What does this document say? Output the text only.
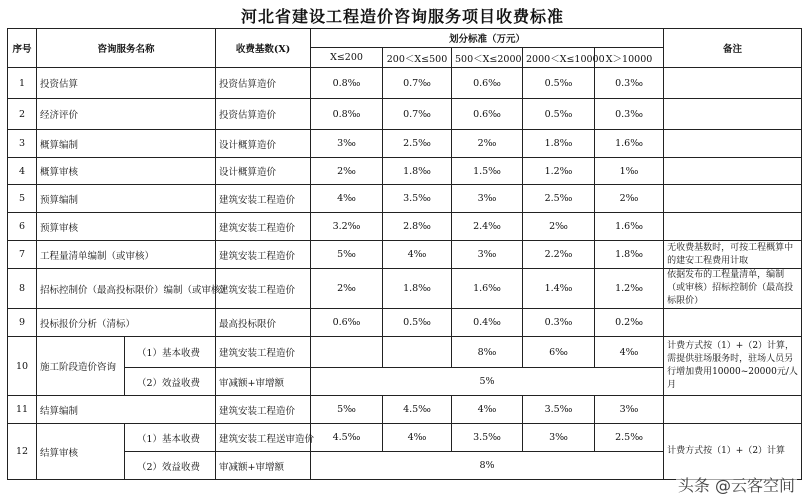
河北省建设工程造价咨询服务项目收费标准
序号	咨询服务名称		收费基数(X)	划分标准（万元）					备注
				X≤200	200＜X≤500	500＜X≤2000	2000＜X≤10000	X＞10000	
1	投资估算		投资估算造价	0.8‰	0.7‰	0.6‰	0.5‰	0.3‰	
2	经济评价		投资估算造价	0.8‰	0.7‰	0.6‰	0.5‰	0.3‰	
3	概算编制		设计概算造价	3‰	2.5‰	2‰	1.8‰	1.6‰	
4	概算审核		设计概算造价	2‰	1.8‰	1.5‰	1.2‰	1‰	
5	预算编制		建筑安装工程造价	4‰	3.5‰	3‰	2.5‰	2‰	
6	预算审核		建筑安装工程造价	3.2‰	2.8‰	2.4‰	2‰	1.6‰	
7	工程量清单编制（或审核）		建筑安装工程造价	5‰	4‰	3‰	2.2‰	1.8‰	无收费基数时，可按工程概算中的建安工程费用计取
8	招标控制价（最高投标限价）编制（或审核）		建筑安装工程造价	2‰	1.8‰	1.6‰	1.4‰	1.2‰	依据发布的工程量清单，编制（或审核）招标控制价（最高投标限价）
9	投标报价分析（清标）		最高投标限价	0.6‰	0.5‰	0.4‰	0.3‰	0.2‰	
10	施工阶段造价咨询	（1）基本收费	建筑安装工程造价			8‰	6‰	4‰	计费方式按（1）+（2）计算，需提供驻场服务时，驻场人员另行增加费用10000~20000元/人月
		（2）效益收费	审减额+审增额	5%					
11	结算编制		建筑安装工程造价	5‰	4.5‰	4‰	3.5‰	3‰	
12	结算审核	（1）基本收费	建筑安装工程送审造价	4.5‰	4‰	3.5‰	3‰	2.5‰	计费方式按（1）+（2）计算
		（2）效益收费	审减额+审增额	8%					
头条 @云客空间
